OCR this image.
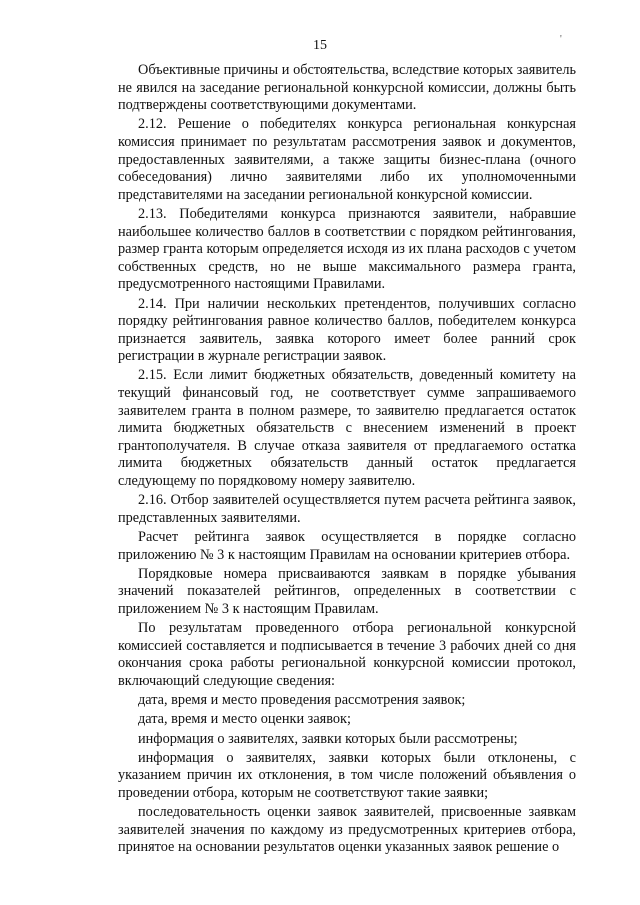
15	'

Объективные причины и обстоятельства, вследствие которых заявитель не явился на заседание региональной конкурсной комиссии, должны быть подтверждены соответствующими документами.

2.12. Решение о победителях конкурса региональная конкурсная комиссия принимает по результатам рассмотрения заявок и документов, предоставленных заявителями, а также защиты бизнес-плана (очного собеседования) лично заявителями либо их уполномоченными представителями на заседании региональной конкурсной комиссии.

2.13. Победителями конкурса признаются заявители, набравшие наибольшее количество баллов в соответствии с порядком рейтингования, размер гранта которым определяется исходя из их плана расходов с учетом собственных средств, но не выше максимального размера гранта, предусмотренного настоящими Правилами.

2.14. При наличии нескольких претендентов, получивших согласно порядку рейтингования равное количество баллов, победителем конкурса признается заявитель, заявка которого имеет более ранний срок регистрации в журнале регистрации заявок.

2.15. Если лимит бюджетных обязательств, доведенный комитету на текущий финансовый год, не соответствует сумме запрашиваемого заявителем гранта в полном размере, то заявителю предлагается остаток лимита бюджетных обязательств с внесением изменений в проект грантополучателя. В случае отказа заявителя от предлагаемого остатка лимита бюджетных обязательств данный остаток предлагается следующему по порядковому номеру заявителю.

2.16. Отбор заявителей осуществляется путем расчета рейтинга заявок, представленных заявителями.

Расчет рейтинга заявок осуществляется в порядке согласно приложению № 3 к настоящим Правилам на основании критериев отбора.

Порядковые номера присваиваются заявкам в порядке убывания значений показателей рейтингов, определенных в соответствии с приложением № 3 к настоящим Правилам.

По результатам проведенного отбора региональной конкурсной комиссией составляется и подписывается в течение 3 рабочих дней со дня окончания срока работы региональной конкурсной комиссии протокол, включающий следующие сведения:

дата, время и место проведения рассмотрения заявок;

дата, время и место оценки заявок;

информация о заявителях, заявки которых были рассмотрены;

информация о заявителях, заявки которых были отклонены, с указанием причин их отклонения, в том числе положений объявления о проведении отбора, которым не соответствуют такие заявки;

последовательность оценки заявок заявителей, присвоенные заявкам заявителей значения по каждому из предусмотренных критериев отбора, принятое на основании результатов оценки указанных заявок решение о
